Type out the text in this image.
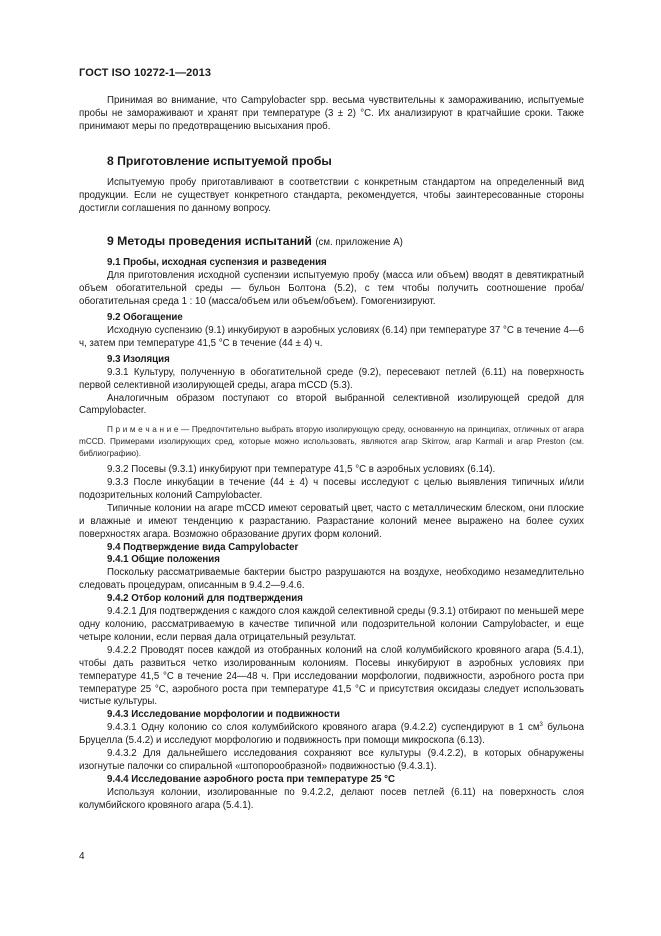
ГОСТ ISO 10272-1—2013

Принимая во внимание, что Campylobacter spp. весьма чувствительны к замораживанию, испытуемые пробы не замораживают и хранят при температуре (3 ± 2) °C. Их анализируют в кратчайшие сроки. Также принимают меры по предотвращению высыхания проб.

8 Приготовление испытуемой пробы

Испытуемую пробу приготавливают в соответствии с конкретным стандартом на определенный вид продукции. Если не существует конкретного стандарта, рекомендуется, чтобы заинтересованные стороны достигли соглашения по данному вопросу.

9 Методы проведения испытаний (см. приложение А)

9.1 Пробы, исходная суспензия и разведения

Для приготовления исходной суспензии испытуемую пробу (масса или объем) вводят в девятикратный объем обогатительной среды — бульон Болтона (5.2), с тем чтобы получить соотношение проба/обогатительная среда 1 : 10 (масса/объем или объем/объем). Гомогенизируют.

9.2 Обогащение

Исходную суспензию (9.1) инкубируют в аэробных условиях (6.14) при температуре 37 °С в течение 4—6 ч, затем при температуре 41,5 °С в течение (44 ± 4) ч.

9.3 Изоляция

9.3.1 Культуру, полученную в обогатительной среде (9.2), пересевают петлей (6.11) на поверхность первой селективной изолирующей среды, агара mCCD (5.3).

Аналогичным образом поступают со второй выбранной селективной изолирующей средой для Campylobacter.

П р и м е ч а н и е — Предпочтительно выбрать вторую изолирующую среду, основанную на принципах, отличных от агара mCCD. Примерами изолирующих сред, которые можно использовать, являются агар Skirrow, агар Karmali и агар Preston (см. библиографию).

9.3.2 Посевы (9.3.1) инкубируют при температуре 41,5 °С в аэробных условиях (6.14).

9.3.3 После инкубации в течение (44 ± 4) ч посевы исследуют с целью выявления типичных и/или подозрительных колоний Campylobacter.

Типичные колонии на агаре mCCD имеют сероватый цвет, часто с металлическим блеском, они плоские и влажные и имеют тенденцию к разрастанию. Разрастание колоний менее выражено на более сухих поверхностях агара. Возможно образование других форм колоний.

9.4 Подтверждение вида Campylobacter

9.4.1 Общие положения

Поскольку рассматриваемые бактерии быстро разрушаются на воздухе, необходимо незамедлительно следовать процедурам, описанным в 9.4.2—9.4.6.

9.4.2 Отбор колоний для подтверждения

9.4.2.1 Для подтверждения с каждого слоя каждой селективной среды (9.3.1) отбирают по меньшей мере одну колонию, рассматриваемую в качестве типичной или подозрительной колонии Campylobacter, и еще четыре колонии, если первая дала отрицательный результат.

9.4.2.2 Проводят посев каждой из отобранных колоний на слой колумбийского кровяного агара (5.4.1), чтобы дать развиться четко изолированным колониям. Посевы инкубируют в аэробных условиях при температуре 41,5 °С в течение 24—48 ч. При исследовании морфологии, подвижности, аэробного роста при температуре 25 °С, аэробного роста при температуре 41,5 °С и присутствия оксидазы следует использовать чистые культуры.

9.4.3 Исследование морфологии и подвижности

9.4.3.1 Одну колонию со слоя колумбийского кровяного агара (9.4.2.2) суспендируют в 1 $см^3$ бульона Бруцелла (5.4.2) и исследуют морфологию и подвижность при помощи микроскопа (6.13).

9.4.3.2 Для дальнейшего исследования сохраняют все культуры (9.4.2.2), в которых обнаружены изогнутые палочки со спиральной «штопорообразной» подвижностью (9.4.3.1).

9.4.4 Исследование аэробного роста при температуре 25 °С

Используя колонии, изолированные по 9.4.2.2, делают посев петлей (6.11) на поверхность слоя колумбийского кровяного агара (5.4.1).

4
